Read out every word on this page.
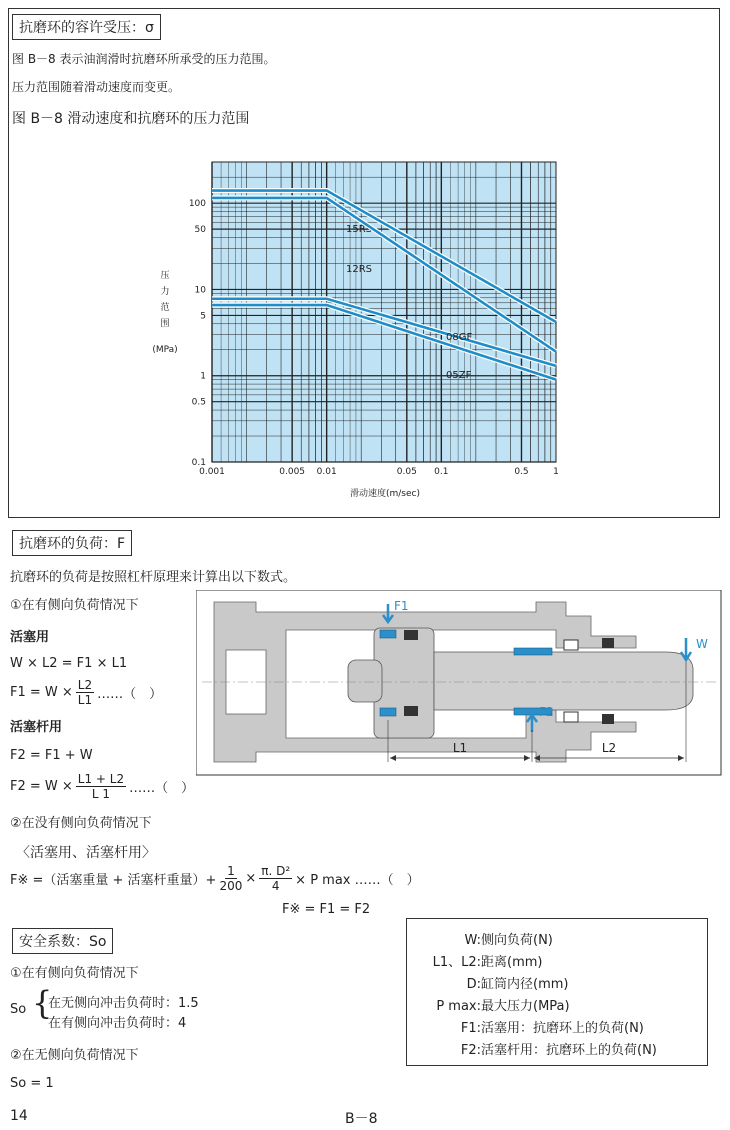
抗磨环的容许受压：σ
图 B－8 表示油润滑时抗磨环所承受的压力范围。
压力范围随着滑动速度而变更。
图 B－8 滑动速度和抗磨环的压力范围
0.001	0.005 0.01	0.05 0.1	0.5	1
0.1
0.5
1
5
10
50
100
15RS
12RS
08GF
05ZF
压
力
范
围
(MPa)
滑动速度(m/sec)
抗磨环的负荷：F
抗磨环的负荷是按照杠杆原理来计算出以下数式。
①在有侧向负荷情况下
活塞用
W × L2 = F1 × L1
$F1 = W \times \frac{L2}{L1}$ ……（　）
活塞杆用
F2 = F1 + W
$F2 = W \times \frac{L1 + L2}{L 1}$ ……（　）
②在没有侧向负荷情况下
〈活塞用、活塞杆用〉
F※ =（活塞重量 + 活塞杆重量）+ $\frac{1}{200} \times \frac{\text{π. D²}}{4} \times P$ max ……（　）
F※ = F1 = F2
F1
F2
W
L1	L2
安全系数：So
①在有侧向负荷情况下
So {
在无侧向冲击负荷时：1.5
在有侧向冲击负荷时：4
②在无侧向负荷情况下
So = 1
W:侧向负荷(N)
L1、L2:距离(mm)
D:缸筒内径(mm)
P max:最大压力(MPa)
F1:活塞用：抗磨环上的负荷(N)
F2:活塞杆用：抗磨环上的负荷(N)
14	B－8
